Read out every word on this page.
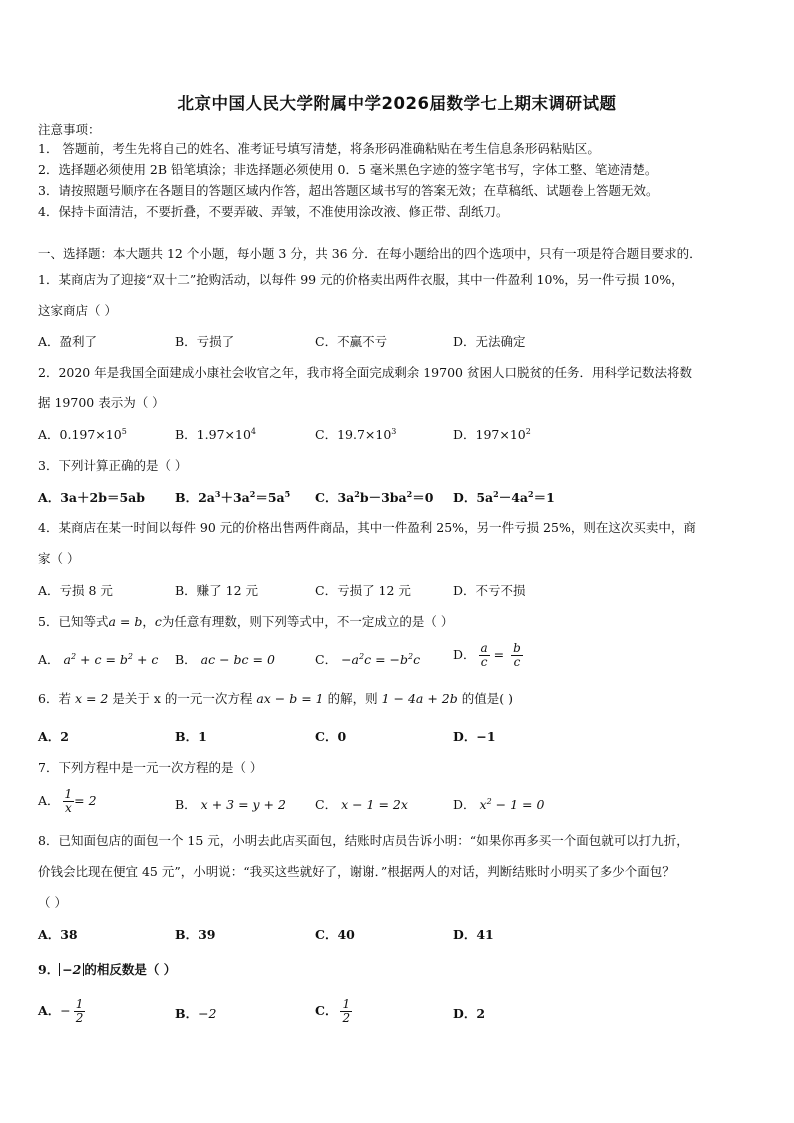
北京中国人民大学附属中学2026届数学七上期末调研试题
注意事项：
1． 答题前，考生先将自己的姓名、准考证号填写清楚，将条形码准确粘贴在考生信息条形码粘贴区。
2．选择题必须使用 2B 铅笔填涂；非选择题必须使用 0．5 毫米黑色字迹的签字笔书写，字体工整、笔迹清楚。
3．请按照题号顺序在各题目的答题区域内作答，超出答题区域书写的答案无效；在草稿纸、试题卷上答题无效。
4．保持卡面清洁，不要折叠，不要弄破、弄皱，不准使用涂改液、修正带、刮纸刀。
一、选择题：本大题共 12 个小题，每小题 3 分，共 36 分．在每小题给出的四个选项中，只有一项是符合题目要求的．
1．某商店为了迎接“双十二”抢购活动，以每件 99 元的价格卖出两件衣服，其中一件盈利 10%，另一件亏损 10%，
这家商店（ ）
A．盈利了	B．亏损了	C．不赢不亏	D．无法确定
2．2020 年是我国全面建成小康社会收官之年，我市将全面完成剩余 19700 贫困人口脱贫的任务．用科学记数法将数
据 19700 表示为（ ）
A．$0.197\times 10^5$	B．$1.97\times 10^4$	C．$19.7\times 10^3$	D．$197\times 10^2$
3．下列计算正确的是（ ）
A．3a＋2b＝5ab B．$2a^3+3a^2=5a^5$ C．$3a^2b-3ba^2=0$ D．$5a^2-4a^2=1$
4．某商店在某一时间以每件 90 元的价格出售两件商品，其中一件盈利 25%，另一件亏损 25%，则在这次买卖中，商
家（ ）
A．亏损 8 元	B．赚了 12 元	C．亏损了 12 元	D．不亏不损
5．已知等式a = b，c为任意有理数，则下列等式中，不一定成立的是（ ）
A． $a^2 + c = b^2 + c$ B． ac − bc = 0	C． $-a^2c = -b^2c$	D． $\frac{a}{c} = \frac{b}{c}$
6．若 x = 2 是关于 x 的一元一次方程 ax − b = 1 的解，则 1 − 4a + 2b 的值是( )
A．2	B．1	C．0	D．−1
7．下列方程中是一元一次方程的是（ ）
A． $\frac{1}{x} = 2$	B． x + 3 = y + 2 C． x − 1 = 2x	D． $x^2 - 1 = 0$
8．已知面包店的面包一个 15 元，小明去此店买面包，结账时店员告诉小明：“如果你再多买一个面包就可以打九折，
价钱会比现在便宜 45 元”，小明说：“我买这些就好了，谢谢．”根据两人的对话，判断结账时小明买了多少个面包？
（ ）
A．38	B．39	C．40	D．41
9． −2 的相反数是（ ）
A．− $\frac{1}{2}$	B．−2	C． $\frac{1}{2}$	D．2
